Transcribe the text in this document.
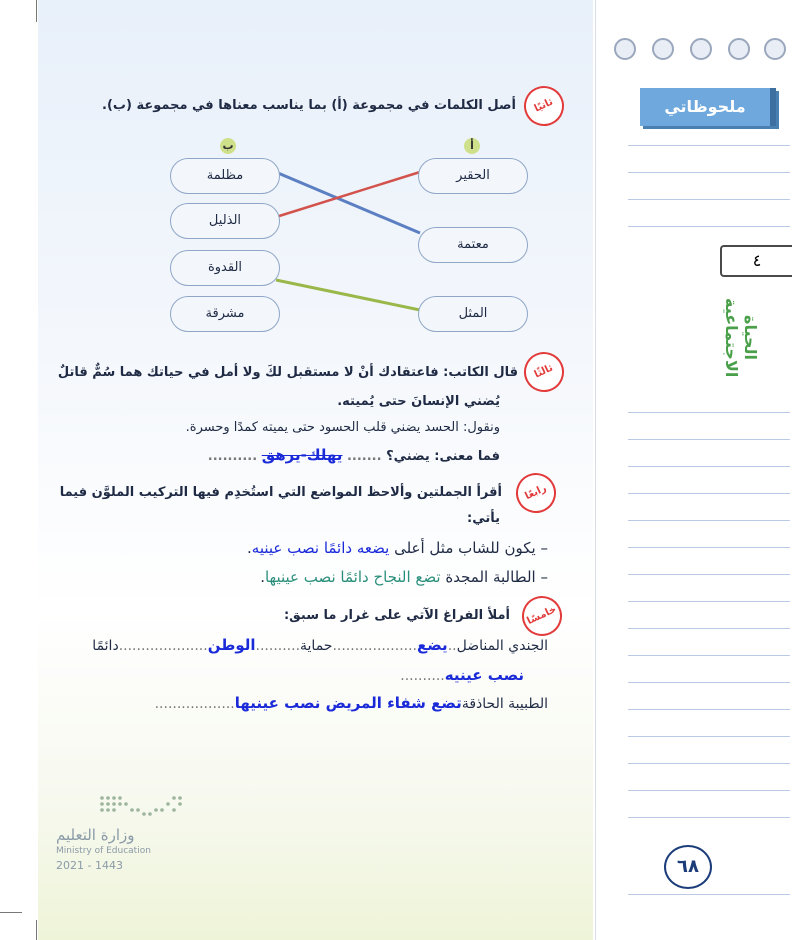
ملحوظاتي
٤
الحياة الاجتماعية
٦٨
ثانيًا
أصل الكلمات في مجموعة (أ) بما يناسب معناها في مجموعة (ب).
أ
ب
الحقير
معتمة
المثل
مظلمة
الذليل
القدوة
مشرقة
ثالثًا
قال الكاتب: فاعتقادك أنْ لا مستقبل لكَ ولا أمل في حياتك هما سُمٌّ قاتلٌ
يُضني الإنسانَ حتى يُميته.
ونقول: الحسد يضني قلب الحسود حتى يميته كمدًا وحسرة.
فما معنى: يضني؟ ....... يهلك-يرهق ..........
رابعًا
أقرأ الجملتين وألاحظ المواضع التي استُخدِم فيها التركيب الملوَّن فيما
يأتي:
– يكون للشاب مثل أعلى يضعه دائمًا نصب عينيه.
– الطالبة المجدة تضع النجاح دائمًا نصب عينيها.
خامسًا
أملأ الفراغ الآتي على غرار ما سبق:
الجندي المناضل..يضع...................حماية..........الوطن....................دائمًا
نصب عينيه..........
الطبيبة الحاذقةتضع شفاء المريض نصب عينيها..................
وزارة التعليم
Ministry of Education
2021 - 1443
